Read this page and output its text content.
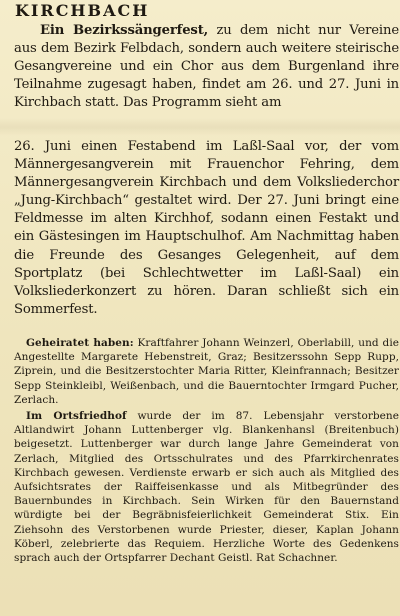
KIRCHBACH

Ein Bezirkssängerfest, zu dem nicht nur Vereine aus dem Bezirk Felbdach, sondern auch weitere steirische Gesangvereine und ein Chor aus dem Burgenland ihre Teilnahme zugesagt haben, findet am 26. und 27. Juni in Kirchbach statt. Das Programm sieht am

26. Juni einen Festabend im Laßl-Saal vor, der vom Männergesangverein mit Frauenchor Fehring, dem Männergesangverein Kirchbach und dem Volksliederchor „Jung-Kirchbach“ gestaltet wird. Der 27. Juni bringt eine Feldmesse im alten Kirchhof, sodann einen Festakt und ein Gästesingen im Hauptschulhof. Am Nachmittag haben die Freunde des Gesanges Gelegenheit, auf dem Sportplatz (bei Schlechtwetter im Laßl-Saal) ein Volksliederkonzert zu hören. Daran schließt sich ein Sommerfest.

Geheiratet haben: Kraftfahrer Johann Weinzerl, Oberlabill, und die Angestellte Margarete Hebenstreit, Graz; Besitzerssohn Sepp Rupp, Ziprein, und die Besitzerstochter Maria Ritter, Kleinfrannach; Besitzer Sepp Steinkleibl, Weißenbach, und die Bauerntochter Irmgard Pucher, Zerlach.

Im Ortsfriedhof wurde der im 87. Lebensjahr verstorbene Altlandwirt Johann Luttenberger vlg. Blankenhansl (Breitenbuch) beigesetzt. Luttenberger war durch lange Jahre Gemeinderat von Zerlach, Mitglied des Ortsschulrates und des Pfarrkirchenrates Kirchbach gewesen. Verdienste erwarb er sich auch als Mitglied des Aufsichtsrates der Raiffeisenkasse und als Mitbegründer des Bauernbundes in Kirchbach. Sein Wirken für den Bauernstand würdigte bei der Begräbnisfeierlichkeit Gemeinderat Stix. Ein Ziehsohn des Verstorbenen wurde Priester, dieser, Kaplan Johann Köberl, zelebrierte das Requiem. Herzliche Worte des Gedenkens sprach auch der Ortspfarrer Dechant Geistl. Rat Schachner.
